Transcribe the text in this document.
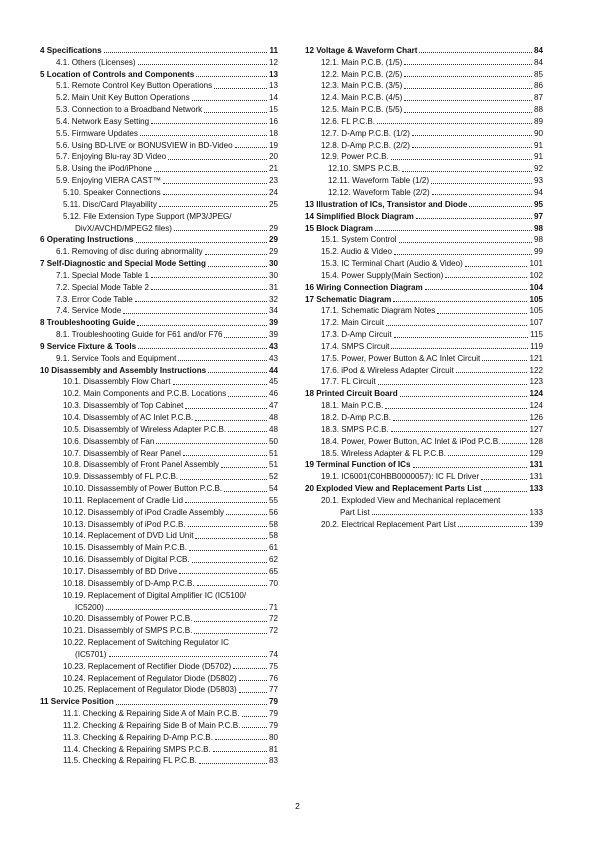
4 Specifications	11
4.1. Others (Licenses)	12
5 Location of Controls and Components	13
5.1. Remote Control Key Button Operations	13
5.2. Main Unit Key Button Operations	14
5.3. Connection to a Broadband Network	15
5.4. Network Easy Setting	16
5.5. Firmware Updates	18
5.6. Using BD-LIVE or BONUSVIEW in BD-Video	19
5.7. Enjoying Blu-ray 3D Video	20
5.8. Using the iPod/iPhone	21
5.9. Enjoying VIERA CAST™	23
5.10. Speaker Connections	24
5.11. Disc/Card Playability	25
5.12. File Extension Type Support (MP3/JPEG/
DivX/AVCHD/MPEG2 files)	29
6 Operating Instructions	29
6.1. Removing of disc during abnormality	29
7 Self-Diagnostic and Special Mode Setting	30
7.1. Special Mode Table 1	30
7.2. Special Mode Table 2	31
7.3. Error Code Table	32
7.4. Service Mode	34
8 Troubleshooting Guide	39
8.1. Troubleshooting Guide for F61 and/or F76	39
9 Service Fixture & Tools	43
9.1. Service Tools and Equipment	43
10 Disassembly and Assembly Instructions	44
10.1. Disassembly Flow Chart	45
10.2. Main Components and P.C.B. Locations	46
10.3. Disassembly of Top Cabinet	47
10.4. Disassembly of AC Inlet P.C.B.	48
10.5. Disassembly of Wireless Adapter P.C.B.	48
10.6. Disassembly of Fan	50
10.7. Disassembly of Rear Panel	51
10.8. Disassembly of Front Panel Assembly	51
10.9. Dissassembly of FL P.C.B.	52
10.10. Dissassembly of Power Button P.C.B.	54
10.11. Replacement of Cradle Lid	55
10.12. Disassembly of iPod Cradle Assembly	56
10.13. Disassembly of iPod P.C.B.	58
10.14. Replacement of DVD Lid Unit	58
10.15. Disassembly of Main P.C.B.	61
10.16. Disassembly of Digital P.CB.	62
10.17. Disassembly of BD Drive	65
10.18. Disassembly of D-Amp P.C.B.	70
10.19. Replacement of Digital Amplifier IC (IC5100/
IC5200)	71
10.20. Disassembly of Power P.C.B.	72
10.21. Disassembly of SMPS P.C.B.	72
10.22. Replacement of Switching Regulator IC
(IC5701)	74
10.23. Replacement of Rectifier Diode (D5702)	75
10.24. Replacement of Regulator Diode (D5802)	76
10.25. Replacement of Regulator Diode (D5803)	77
11 Service Position	79
11.1. Checking & Repairing Side A of Main P.C.B.	79
11.2. Checking & Repairing Side B of Main P.C.B.	79
11.3. Checking & Repairing D-Amp P.C.B.	80
11.4. Checking & Repairing SMPS P.C.B.	81
11.5. Checking & Repairing FL P.C.B.	83
12 Voltage & Waveform Chart	84
12.1. Main P.C.B. (1/5)	84
12.2. Main P.C.B. (2/5)	85
12.3. Main P.C.B. (3/5)	86
12.4. Main P.C.B. (4/5)	87
12.5. Main P.C.B. (5/5)	88
12.6. FL P.C.B.	89
12.7. D-Amp P.C.B. (1/2)	90
12.8. D-Amp P.C.B. (2/2)	91
12.9. Power P.C.B.	91
12.10. SMPS P.C.B.	92
12.11. Waveform Table (1/2)	93
12.12. Waveform Table (2/2)	94
13 Illustration of ICs, Transistor and Diode	95
14 Simplified Block Diagram	97
15 Block Diagram	98
15.1. System Control	98
15.2. Audio & Video	99
15.3. IC Terminal Chart (Audio & Video)	101
15.4. Power Supply(Main Section)	102
16 Wiring Connection Diagram	104
17 Schematic Diagram	105
17.1. Schematic Diagram Notes	105
17.2. Main Circuit	107
17.3. D-Amp Circuit	115
17.4. SMPS Circuit	119
17.5. Power, Power Button & AC Inlet Circuit	121
17.6. iPod & Wireless Adapter Circuit	122
17.7. FL Circuit	123
18 Printed Circuit Board	124
18.1. Main P.C.B.	124
18.2. D-Amp P.C.B.	126
18.3. SMPS P.C.B.	127
18.4. Power, Power Button, AC Inlet & iPod P.C.B.	128
18.5. Wireless Adapter & FL P.C.B.	129
19 Terminal Function of ICs	131
19.1. IC6001(C0HBB0000057): IC FL Driver	131
20 Exploded View and Replacement Parts List	133
20.1. Exploded View and Mechanical replacement
Part List	133
20.2. Electrical Replacement Part List	139
2
